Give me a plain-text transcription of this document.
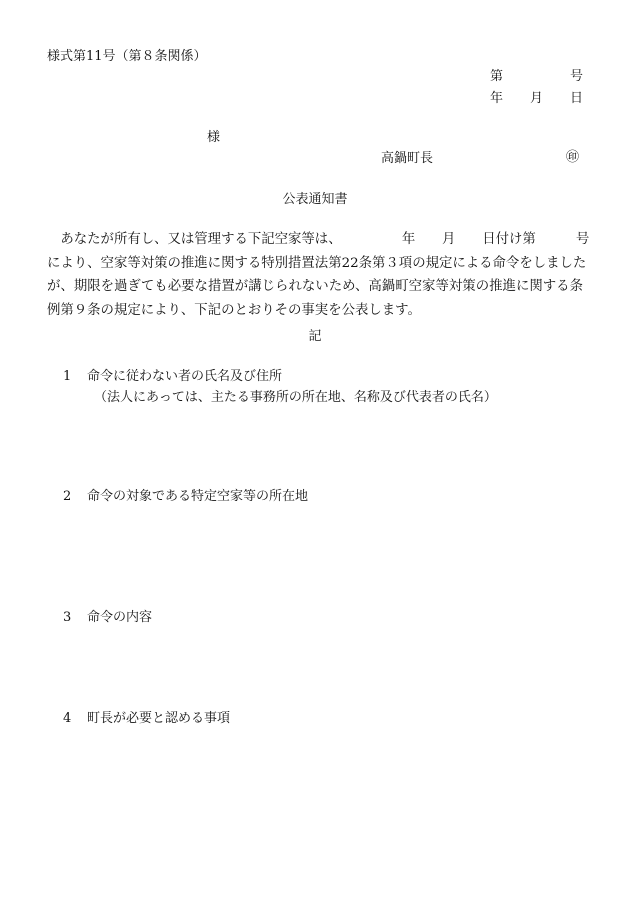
様式第11号（第８条関係）
第	号
年 月 日
様
高鍋町長	㊞
公表通知書
　あなたが所有し、又は管理する下記空家等は、　　　　　年　　月　　日付け第　　　号
により、空家等対策の推進に関する特別措置法第22条第３項の規定による命令をしました
が、期限を過ぎても必要な措置が講じられないため、高鍋町空家等対策の推進に関する条
例第９条の規定により、下記のとおりその事実を公表します。
記
1 命令に従わない者の氏名及び住所
（法人にあっては、主たる事務所の所在地、名称及び代表者の氏名）
2 命令の対象である特定空家等の所在地
3 命令の内容
4 町長が必要と認める事項
